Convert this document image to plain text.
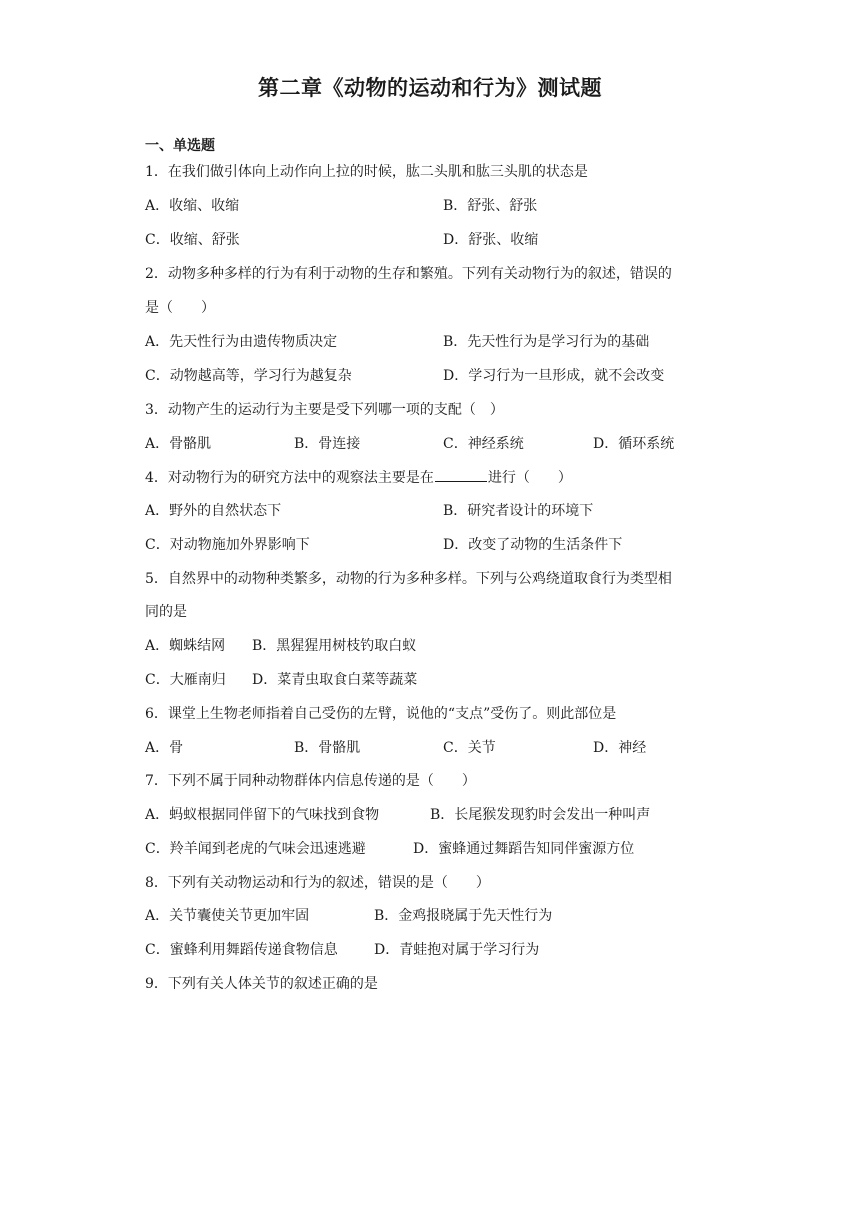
第二章《动物的运动和行为》测试题
一、单选题
1．在我们做引体向上动作向上拉的时候，肱二头肌和肱三头肌的状态是
A．收缩、收缩	B．舒张、舒张
C．收缩、舒张	D．舒张、收缩
2．动物多种多样的行为有利于动物的生存和繁殖。下列有关动物行为的叙述，错误的
是（　　）
A．先天性行为由遗传物质决定	B．先天性行为是学习行为的基础
C．动物越高等，学习行为越复杂	D．学习行为一旦形成，就不会改变
3．动物产生的运动行为主要是受下列哪一项的支配（　）
A．骨骼肌	B．骨连接	C．神经系统	D．循环系统
4．对动物行为的研究方法中的观察法主要是在	进行（　　）
A．野外的自然状态下	B．研究者设计的环境下
C．对动物施加外界影响下	D．改变了动物的生活条件下
5．自然界中的动物种类繁多，动物的行为多种多样。下列与公鸡绕道取食行为类型相
同的是
A．蜘蛛结网 B．黑猩猩用树枝钓取白蚁
C．大雁南归 D．菜青虫取食白菜等蔬菜
6．课堂上生物老师指着自己受伤的左臂，说他的“支点”受伤了。则此部位是
A．骨	B．骨骼肌	C．关节	D．神经
7．下列不属于同种动物群体内信息传递的是（　　）
A．蚂蚁根据同伴留下的气味找到食物	B．长尾猴发现豹时会发出一种叫声
C．羚羊闻到老虎的气味会迅速逃避	D．蜜蜂通过舞蹈告知同伴蜜源方位
8．下列有关动物运动和行为的叙述，错误的是（　　）
A．关节囊使关节更加牢固	B．金鸡报晓属于先天性行为
C．蜜蜂利用舞蹈传递食物信息	D．青蛙抱对属于学习行为
9．下列有关人体关节的叙述正确的是
